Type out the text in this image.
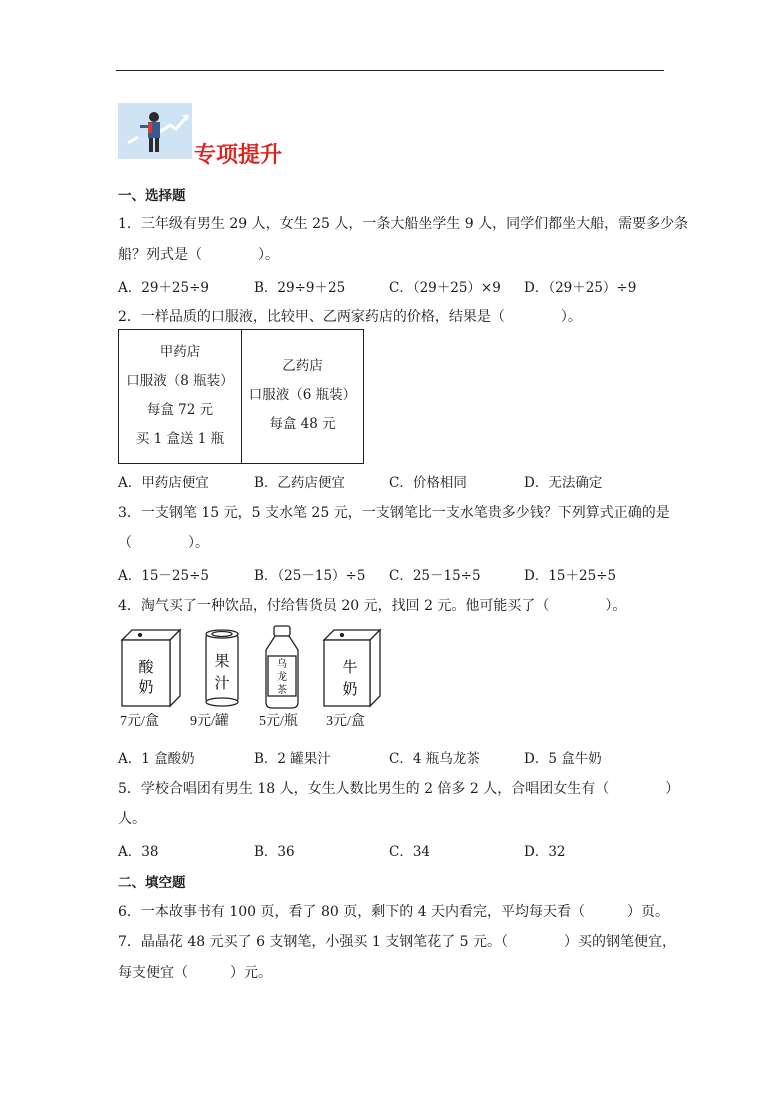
专项提升
一、选择题
1．三年级有男生 29 人，女生 25 人，一条大船坐学生 9 人，同学们都坐大船，需要多少条
船？列式是（　　　　）。
A．29＋25÷9	B．29÷9＋25	C．（29＋25）×9 D．（29＋25）÷9
2．一样品质的口服液，比较甲、乙两家药店的价格，结果是（　　　　）。
甲药店
口服液（8 瓶装）
每盒 72 元
买 1 盒送 1 瓶
乙药店
口服液（6 瓶装）
每盒 48 元
A．甲药店便宜	B．乙药店便宜	C．价格相同	D．无法确定
3．一支钢笔 15 元，5 支水笔 25 元，一支钢笔比一支水笔贵多少钱？下列算式正确的是
（　　　　）。
A．15－25÷5	B．（25－15）÷5 C．25－15÷5	D．15＋25÷5
4．淘气买了一种饮品，付给售货员 20 元，找回 2 元。他可能买了（　　　　）。
酸
奶
果
汁
乌
龙
茶
牛
奶
7元/盒 9元/罐 5元/瓶 3元/盒
A．1 盒酸奶	B．2 罐果汁	C．4 瓶乌龙茶	D．5 盒牛奶
5．学校合唱团有男生 18 人，女生人数比男生的 2 倍多 2 人，合唱团女生有（　　　　）
人。
A．38	B．36	C．34	D．32
二、填空题
6．一本故事书有 100 页，看了 80 页，剩下的 4 天内看完，平均每天看（　　　）页。
7．晶晶花 48 元买了 6 支钢笔，小强买 1 支钢笔花了 5 元。（　　　　）买的钢笔便宜，
每支便宜（　　　）元。
